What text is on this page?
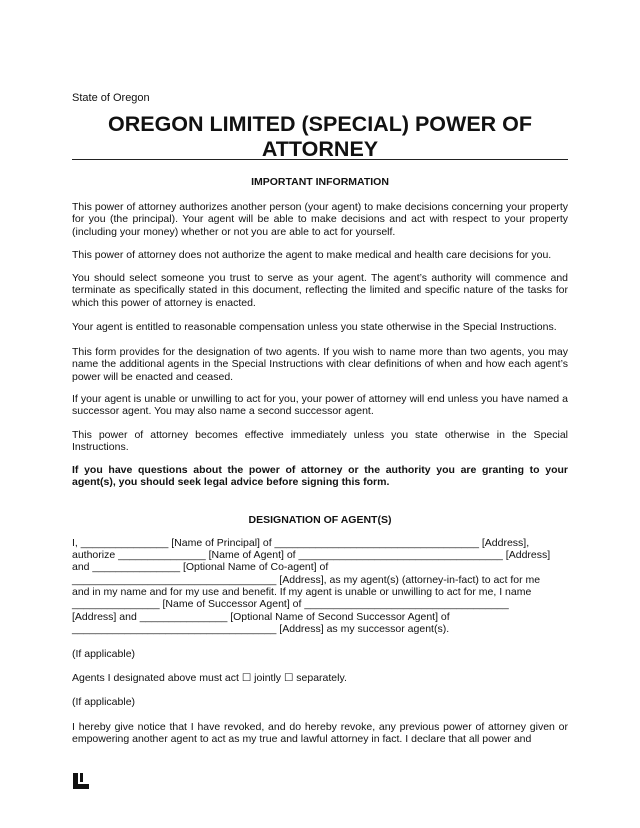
State of Oregon
OREGON LIMITED (SPECIAL) POWER OF
ATTORNEY

IMPORTANT INFORMATION

This power of attorney authorizes another person (your agent) to make decisions concerning your property for you (the principal). Your agent will be able to make decisions and act with respect to your property (including your money) whether or not you are able to act for yourself.

This power of attorney does not authorize the agent to make medical and health care decisions for you.

You should select someone you trust to serve as your agent. The agent’s authority will commence and terminate as specifically stated in this document, reflecting the limited and specific nature of the tasks for which this power of attorney is enacted.

Your agent is entitled to reasonable compensation unless you state otherwise in the Special Instructions.

This form provides for the designation of two agents. If you wish to name more than two agents, you may name the additional agents in the Special Instructions with clear definitions of when and how each agent’s power will be enacted and ceased.

If your agent is unable or unwilling to act for you, your power of attorney will end unless you have named a successor agent. You may also name a second successor agent.

This power of attorney becomes effective immediately unless you state otherwise in the Special Instructions.

If you have questions about the power of attorney or the authority you are granting to your agent(s), you should seek legal advice before signing this form.

DESIGNATION OF AGENT(S)

I, _______________ [Name of Principal] of ___________________________________ [Address],

authorize _______________ [Name of Agent] of ___________________________________ [Address]

and _______________ [Optional Name of Co-agent] of

___________________________________ [Address], as my agent(s) (attorney-in-fact) to act for me

and in my name and for my use and benefit. If my agent is unable or unwilling to act for me, I name

_______________ [Name of Successor Agent] of ___________________________________

[Address] and _______________ [Optional Name of Second Successor Agent] of

___________________________________ [Address] as my successor agent(s).

(If applicable)

Agents I designated above must act ☐ jointly ☐ separately.

(If applicable)

I hereby give notice that I have revoked, and do hereby revoke, any previous power of attorney given or empowering another agent to act as my true and lawful attorney in fact. I declare that all power and
